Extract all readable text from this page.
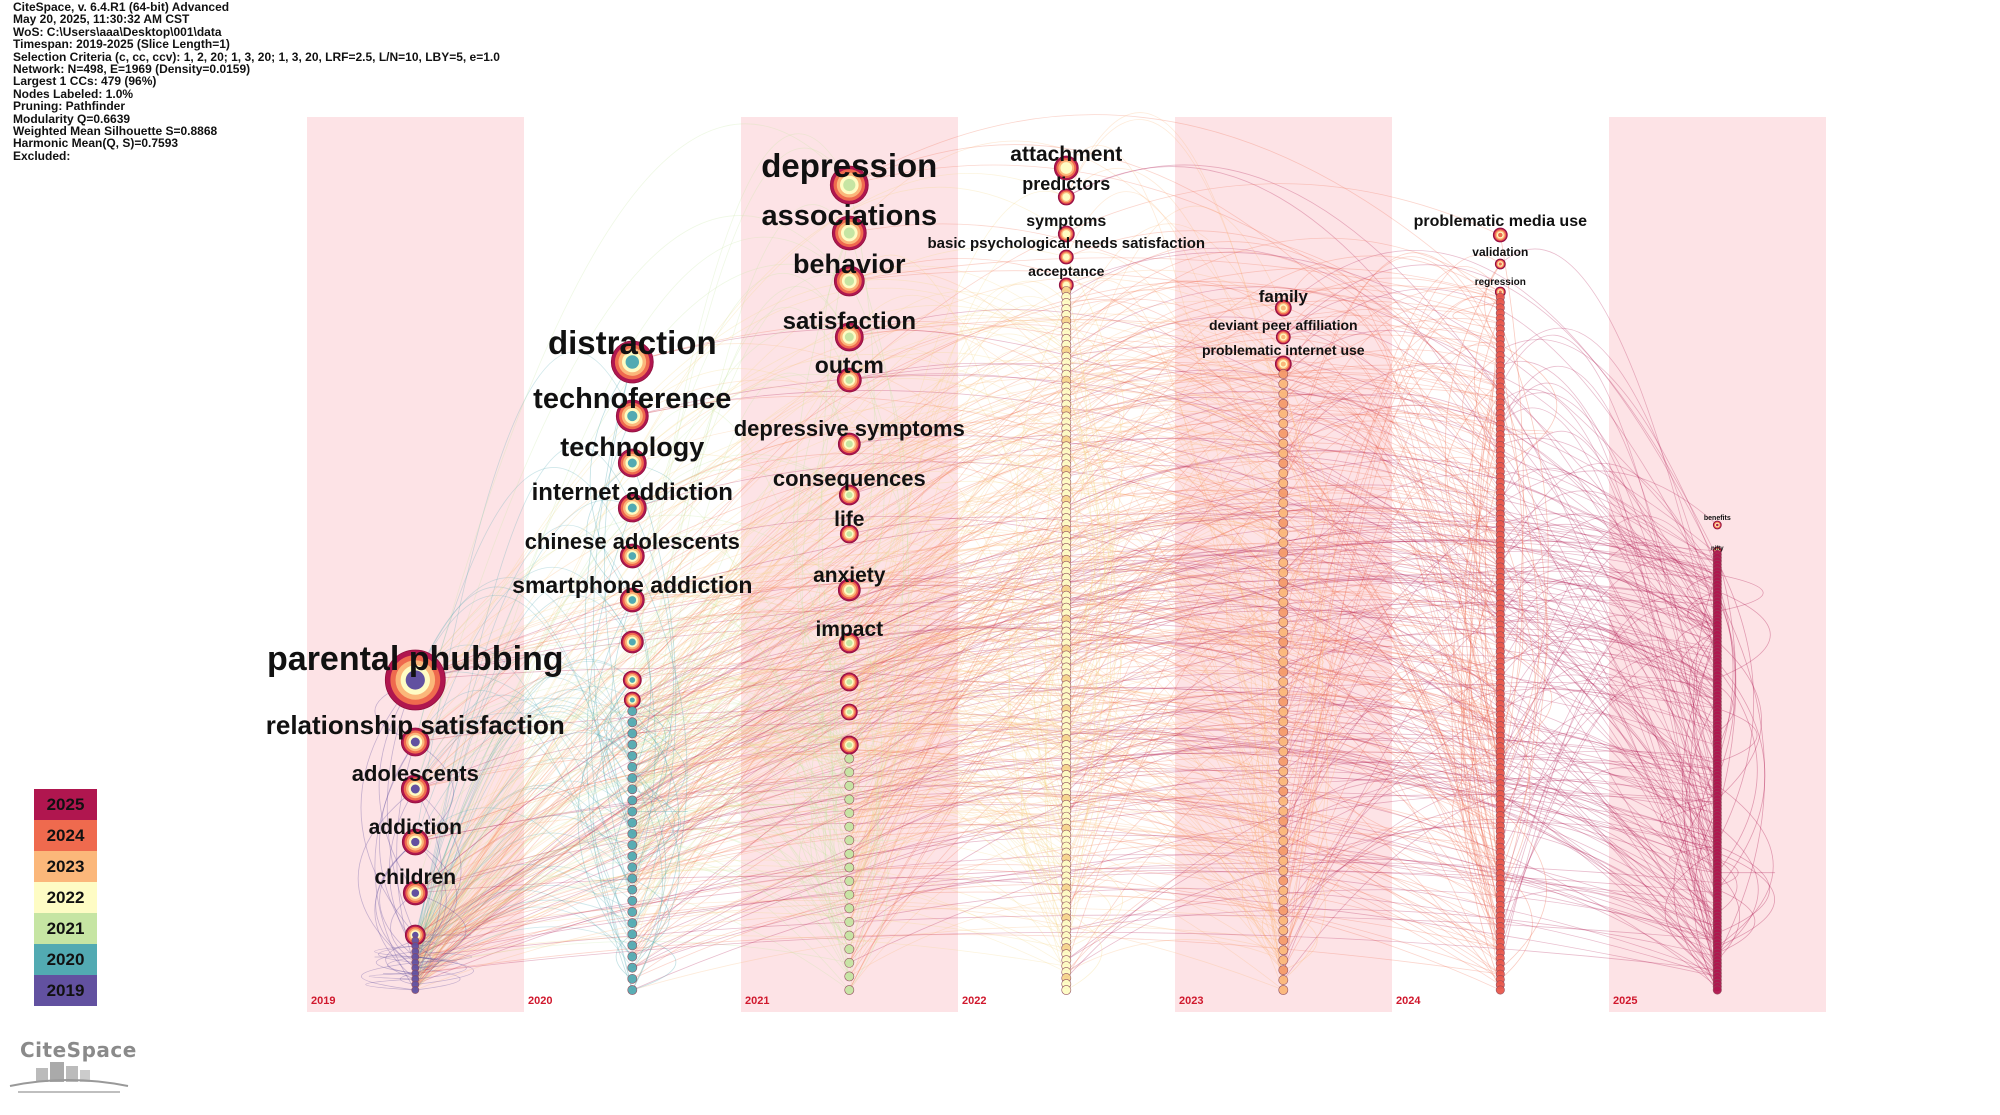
parental phubbing
relationship satisfaction
adolescents
addiction
children
distraction
technoference
technology
internet addiction
chinese adolescents
smartphone addiction
depression
associations
behavior
satisfaction
outcm
depressive symptoms
consequences
life
anxiety
impact
attachment
predictors
symptoms
basic psychological needs satisfaction
acceptance
family
deviant peer affiliation
problematic internet use
problematic media use
validation
regression
benefits
nifty
2019	2020	2021	2022	2023	2024	2025
CiteSpace, v. 6.4.R1 (64-bit) Advanced
May 20, 2025, 11:30:32 AM CST
WoS: C:\Users\aaa\Desktop\001\data
Timespan: 2019-2025 (Slice Length=1)
Selection Criteria (c, cc, ccv): 1, 2, 20; 1, 3, 20; 1, 3, 20, LRF=2.5, L/N=10, LBY=5, e=1.0
Network: N=498, E=1969 (Density=0.0159)
Largest 1 CCs: 479 (96%)
Nodes Labeled: 1.0%
Pruning: Pathfinder
Modularity Q=0.6639
Weighted Mean Silhouette S=0.8868
Harmonic Mean(Q, S)=0.7593
Excluded:
2025
2024
2023
2022
2021
2020
2019
CiteSpace
